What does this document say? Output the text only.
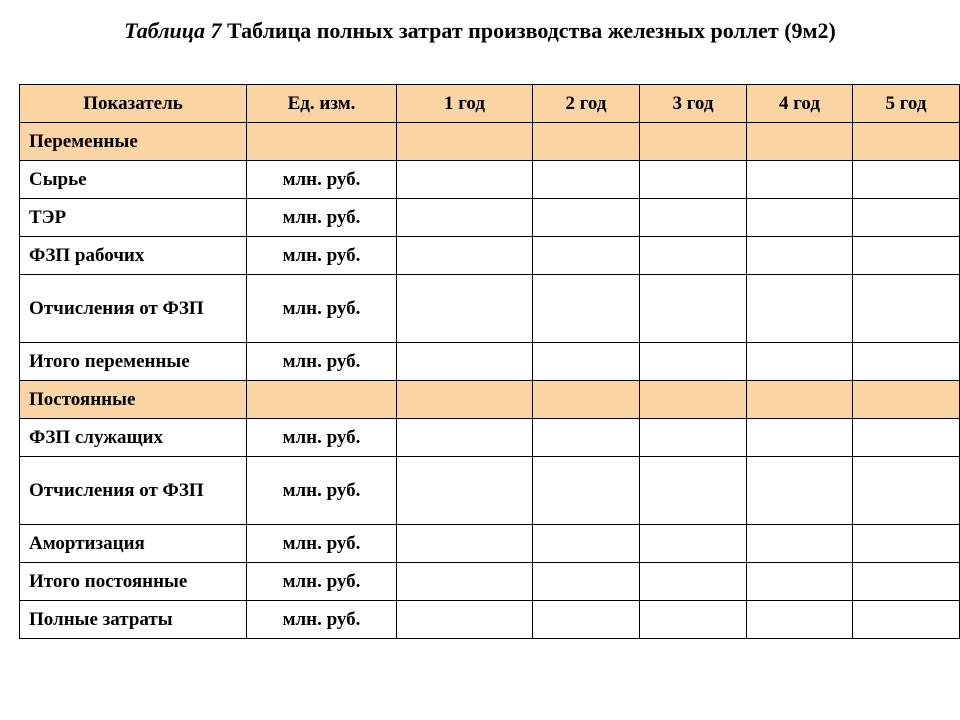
Таблица 7 Таблица полных затрат производства железных роллет (9м2)
Показатель	Ед. изм.	1 год	2 год	3 год	4 год	5 год
Переменные						
Сырье	млн. руб.					
ТЭР	млн. руб.					
ФЗП рабочих	млн. руб.					
Отчисления от ФЗП	млн. руб.					
Итого переменные	млн. руб.					
Постоянные						
ФЗП служащих	млн. руб.					
Отчисления от ФЗП	млн. руб.					
Амортизация	млн. руб.					
Итого постоянные	млн. руб.					
Полные затраты	млн. руб.					
